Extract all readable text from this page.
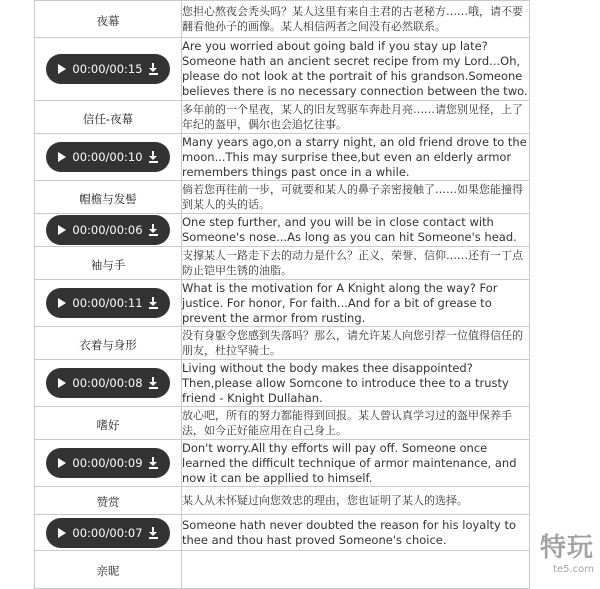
夜幕	您担心熬夜会秃头吗？某人这里有来自主君的古老秘方……哦，请不要翻看他孙子的画像。某人相信两者之间没有必然联系。

00:00/00:15	Are you worried about going bald if you stay up late? Someone hath an ancient secret recipe from my Lord...Oh, please do not look at the portrait of his grandson.Someone believes there is no necessary connection between the two.

信任-夜幕	多年前的一个星夜，某人的旧友驾驱车奔赴月亮……请您别见怪，上了年纪的盔甲，偶尔也会追忆往事。

00:00/00:10	Many years ago,on a starry night, an old friend drove to the moon...This may surprise thee,but even an elderly armor remembers things past once in a while.

帽檐与发髻	倘若您再往前一步，可就要和某人的鼻子亲密接触了……如果您能撞得到某人的头的话。

00:00/00:06	One step further, and you will be in close contact with Someone's nose...As long as you can hit Someone's head.

袖与手	支撑某人一路走下去的动力是什么？正义、荣誉、信仰……还有一丁点防止铠甲生锈的油脂。

00:00/00:11	What is the motivation for A Knight along the way? For justice. For honor, For faith...And for a bit of grease to prevent the armor from rusting.

衣着与身形	没有身躯令您感到失落吗？那么，请允许某人向您引荐一位值得信任的朋友，杜拉罕骑士。

00:00/00:08	Living without the body makes thee disappointed?Then,please allow Somcone to introduce thee to a trusty friend - Knight Dullahan.

嗜好	放心吧，所有的努力都能得到回报。某人曾认真学习过的盔甲保养手法，如今正好能应用在自己身上。

00:00/00:09	Don't worry.All thy efforts will pay off. Someone once learned the difficult technique of armor maintenance, and now it can be appllied to himself.

赞赏	某人从未怀疑过向您效忠的理由，您也证明了某人的选择。

00:00/00:07	Someone hath never doubted the reason for his loyalty to thee and thou hast proved Someone's choice.

亲昵	
特玩
te5.com
